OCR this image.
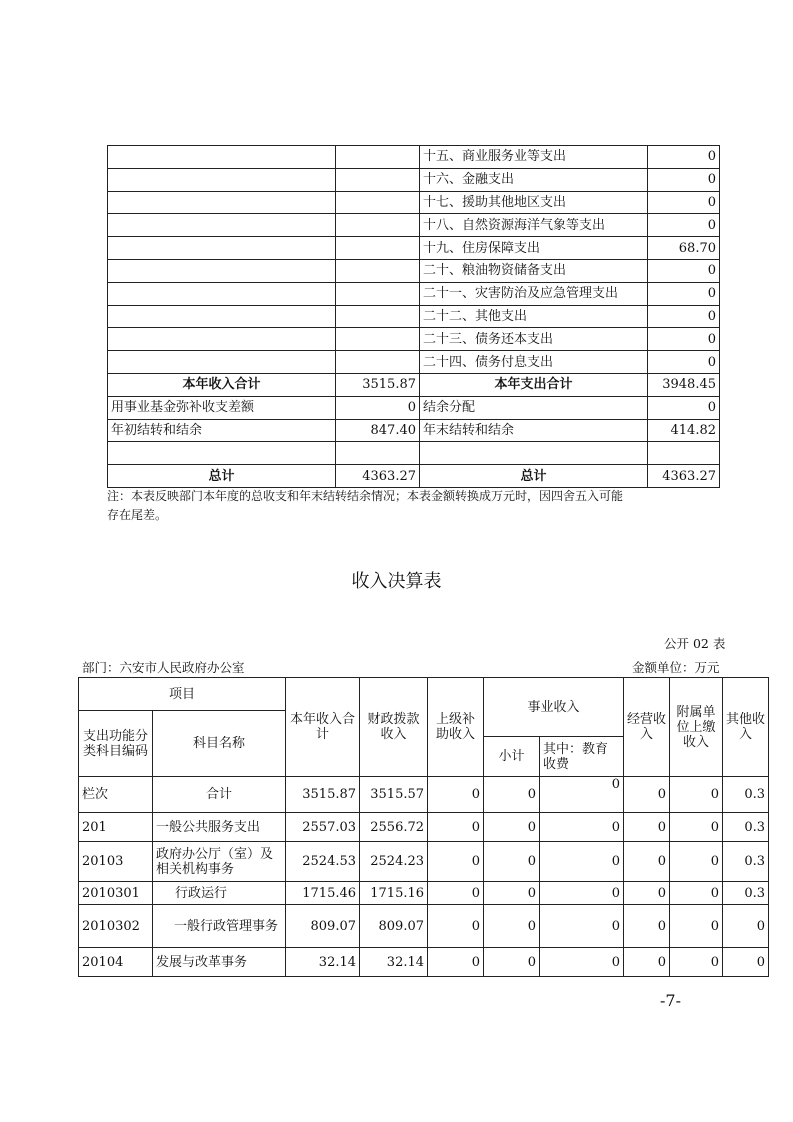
		十五、商业服务业等支出	0
		十六、金融支出	0
		十七、援助其他地区支出	0
		十八、自然资源海洋气象等支出	0
		十九、住房保障支出	68.70
		二十、粮油物资储备支出	0
		二十一、灾害防治及应急管理支出	0
		二十二、其他支出	0
		二十三、债务还本支出	0
		二十四、债务付息支出	0
本年收入合计	3515.87	本年支出合计	3948.45
用事业基金弥补收支差额	0	结余分配	0
年初结转和结余	847.40	年末结转和结余	414.82

总计	4363.27	总计	4363.27
注：本表反映部门本年度的总收支和年末结转结余情况；本表金额转换成万元时，因四舍五入可能
存在尾差。
收入决算表
公开 02 表
部门：六安市人民政府办公室	金额单位：万元
项目		本年收入合计	财政拨款收入	上级补助收入	事业收入		经营收入	附属单位上缴收入	其他收入
支出功能分类科目编码	科目名称								
					小计	其中：教育收费			
栏次	合计	3515.87	3515.57	0	0	0	0	0	0.3
201	一般公共服务支出	2557.03	2556.72	0	0	0	0	0	0.3
20103	政府办公厅（室）及相关机构事务	2524.53	2524.23	0	0	0	0	0	0.3
2010301	行政运行	1715.46	1715.16	0	0	0	0	0	0.3
2010302	一般行政管理事务	809.07	809.07	0	0	0	0	0	0
20104	发展与改革事务	32.14	32.14	0	0	0	0	0	0
-7-
